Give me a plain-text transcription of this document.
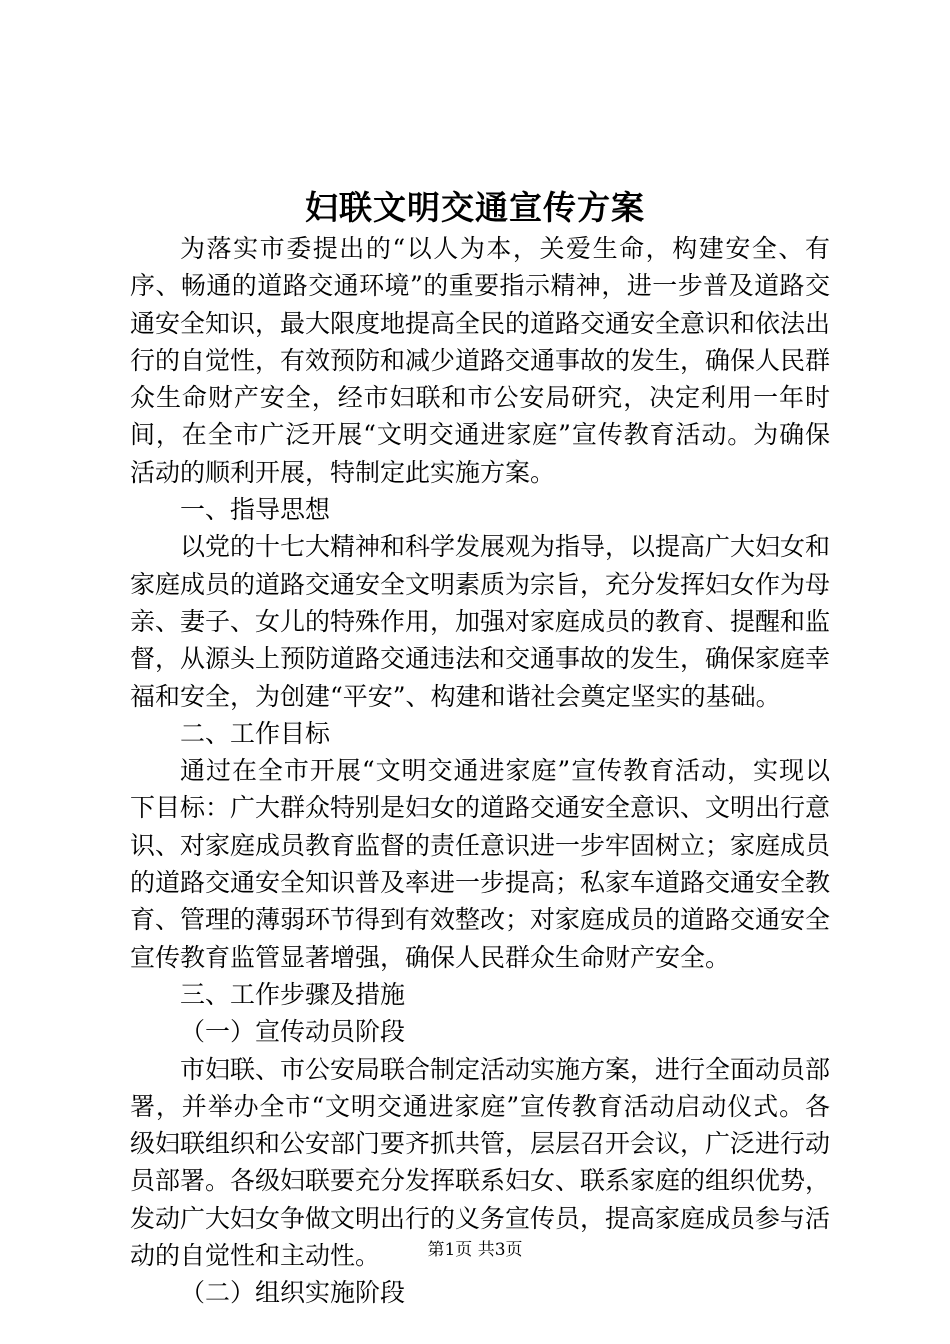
妇联文明交通宣传方案

为落实市委提出的“以人为本，关爱生命，构建安全、有序、畅通的道路交通环境”的重要指示精神，进一步普及道路交通安全知识，最大限度地提高全民的道路交通安全意识和依法出行的自觉性，有效预防和减少道路交通事故的发生，确保人民群众生命财产安全，经市妇联和市公安局研究，决定利用一年时间，在全市广泛开展“文明交通进家庭”宣传教育活动。为确保活动的顺利开展，特制定此实施方案。

一、指导思想

以党的十七大精神和科学发展观为指导，以提高广大妇女和家庭成员的道路交通安全文明素质为宗旨，充分发挥妇女作为母亲、妻子、女儿的特殊作用，加强对家庭成员的教育、提醒和监督，从源头上预防道路交通违法和交通事故的发生，确保家庭幸福和安全，为创建“平安”、构建和谐社会奠定坚实的基础。

二、工作目标

通过在全市开展“文明交通进家庭”宣传教育活动，实现以下目标：广大群众特别是妇女的道路交通安全意识、文明出行意识、对家庭成员教育监督的责任意识进一步牢固树立；家庭成员的道路交通安全知识普及率进一步提高；私家车道路交通安全教育、管理的薄弱环节得到有效整改；对家庭成员的道路交通安全宣传教育监管显著增强，确保人民群众生命财产安全。

三、工作步骤及措施

（一）宣传动员阶段

市妇联、市公安局联合制定活动实施方案，进行全面动员部署，并举办全市“文明交通进家庭”宣传教育活动启动仪式。各级妇联组织和公安部门要齐抓共管，层层召开会议，广泛进行动员部署。各级妇联要充分发挥联系妇女、联系家庭的组织优势，发动广大妇女争做文明出行的义务宣传员，提高家庭成员参与活动的自觉性和主动性。

（二）组织实施阶段

第1页 共3页
